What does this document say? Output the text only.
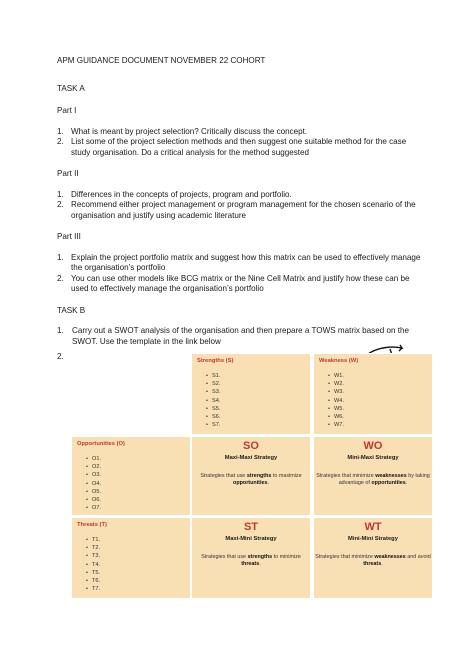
APM GUIDANCE DOCUMENT NOVEMBER 22 COHORT

TASK A

Part I

1. What is meant by project selection? Critically discuss the concept.
2. List some of the project selection methods and then suggest one suitable method for the case study organisation. Do a critical analysis for the method suggested

Part II

1. Differences in the concepts of projects, program and portfolio.
2. Recommend either project management or program management for the chosen scenario of the organisation and justify using academic literature

Part III

1. Explain the project portfolio matrix and suggest how this matrix can be used to effectively manage the organisation’s portfolio
2. You can use other models like BCG matrix or the Nine Cell Matrix and justify how these can be used to effectively manage the organisation’s portfolio

TASK B

1. Carry out a SWOT analysis of the organisation and then prepare a TOWS matrix based on the SWOT. Use the template in the link below
2.	Strengths (S)
• S1.
• S2.
• S3.
• S4.
• S5.
• S6.
• S7.
Weakness (W)
• W1.
• W2.
• W3.
• W4.
• W5.
• W6.
• W7.
Opportunities (O)
• O1.
• O2.
• O3.
• O4.
• O5.
• O6.
• O7.
SO
Maxi-Maxi Strategy
Strategies that use strengths to maximize opportunities.
WO
Mini-Maxi Strategy
Strategies that minimize weaknesses by taking advantage of opportunities.
Threats (T)
• T1.
• T2.
• T3.
• T4.
• T5.
• T6.
• T7.
ST
Maxi-Mini Strategy
Strategies that use strengths to minimize threats.
WT
Mini-Mini Strategy
Strategies that minimize weaknesses and avoid threats.
